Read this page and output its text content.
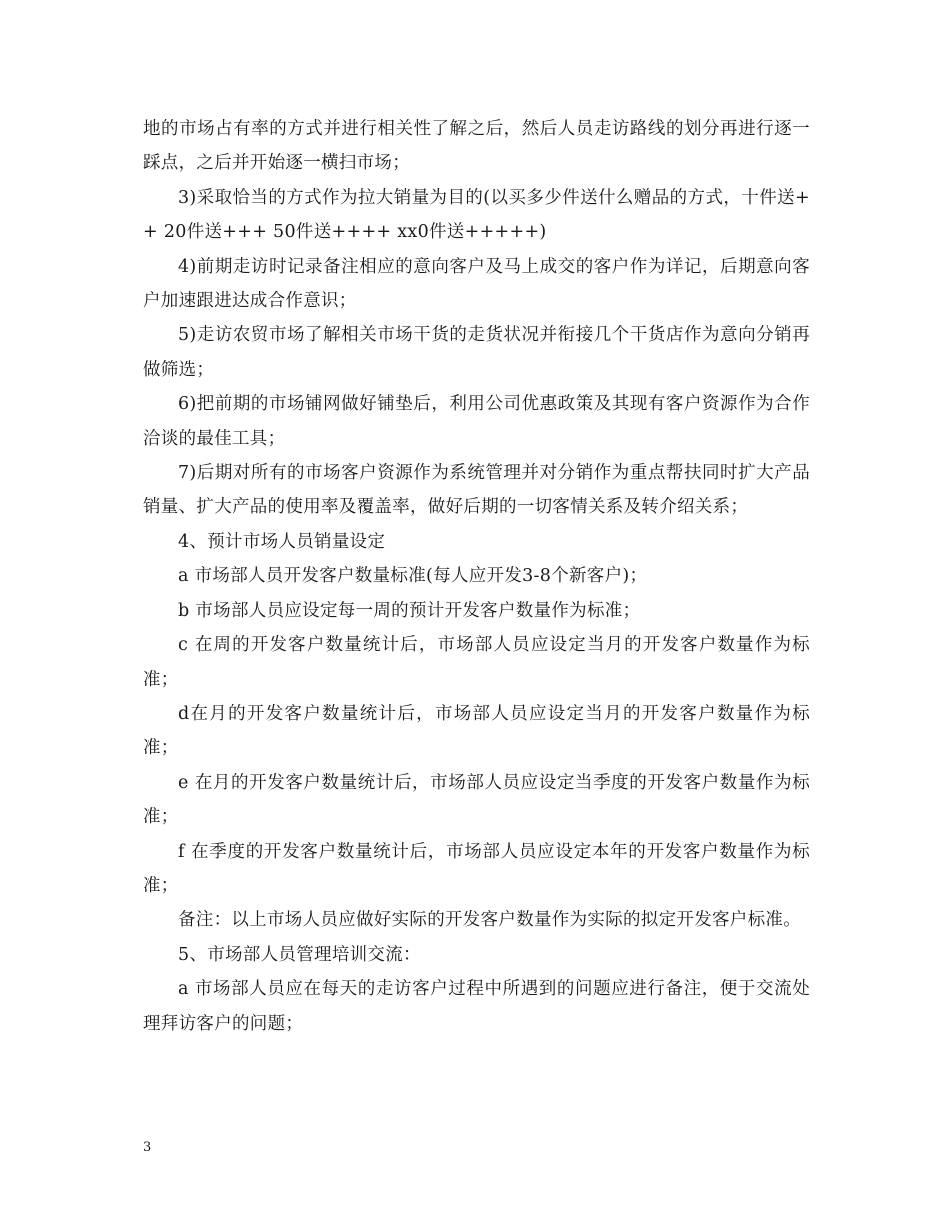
地的市场占有率的方式并进行相关性了解之后，然后人员走访路线的划分再进行逐一踩点，之后并开始逐一横扫市场；

3)采取恰当的方式作为拉大销量为目的(以买多少件送什么赠品的方式，十件送++ 20件送+++ 50件送++++ xx0件送+++++)

4)前期走访时记录备注相应的意向客户及马上成交的客户作为详记，后期意向客户加速跟进达成合作意识；

5)走访农贸市场了解相关市场干货的走货状况并衔接几个干货店作为意向分销再做筛选；

6)把前期的市场铺网做好铺垫后，利用公司优惠政策及其现有客户资源作为合作洽谈的最佳工具；

7)后期对所有的市场客户资源作为系统管理并对分销作为重点帮扶同时扩大产品销量、扩大产品的使用率及覆盖率，做好后期的一切客情关系及转介绍关系；

4、预计市场人员销量设定

a 市场部人员开发客户数量标准(每人应开发3-8个新客户)；

b 市场部人员应设定每一周的预计开发客户数量作为标准；

c 在周的开发客户数量统计后，市场部人员应设定当月的开发客户数量作为标准；

d在月的开发客户数量统计后，市场部人员应设定当月的开发客户数量作为标准；

e 在月的开发客户数量统计后，市场部人员应设定当季度的开发客户数量作为标准；

f 在季度的开发客户数量统计后，市场部人员应设定本年的开发客户数量作为标准；

备注：以上市场人员应做好实际的开发客户数量作为实际的拟定开发客户标准。

5、市场部人员管理培训交流：

a 市场部人员应在每天的走访客户过程中所遇到的问题应进行备注，便于交流处理拜访客户的问题；

3
